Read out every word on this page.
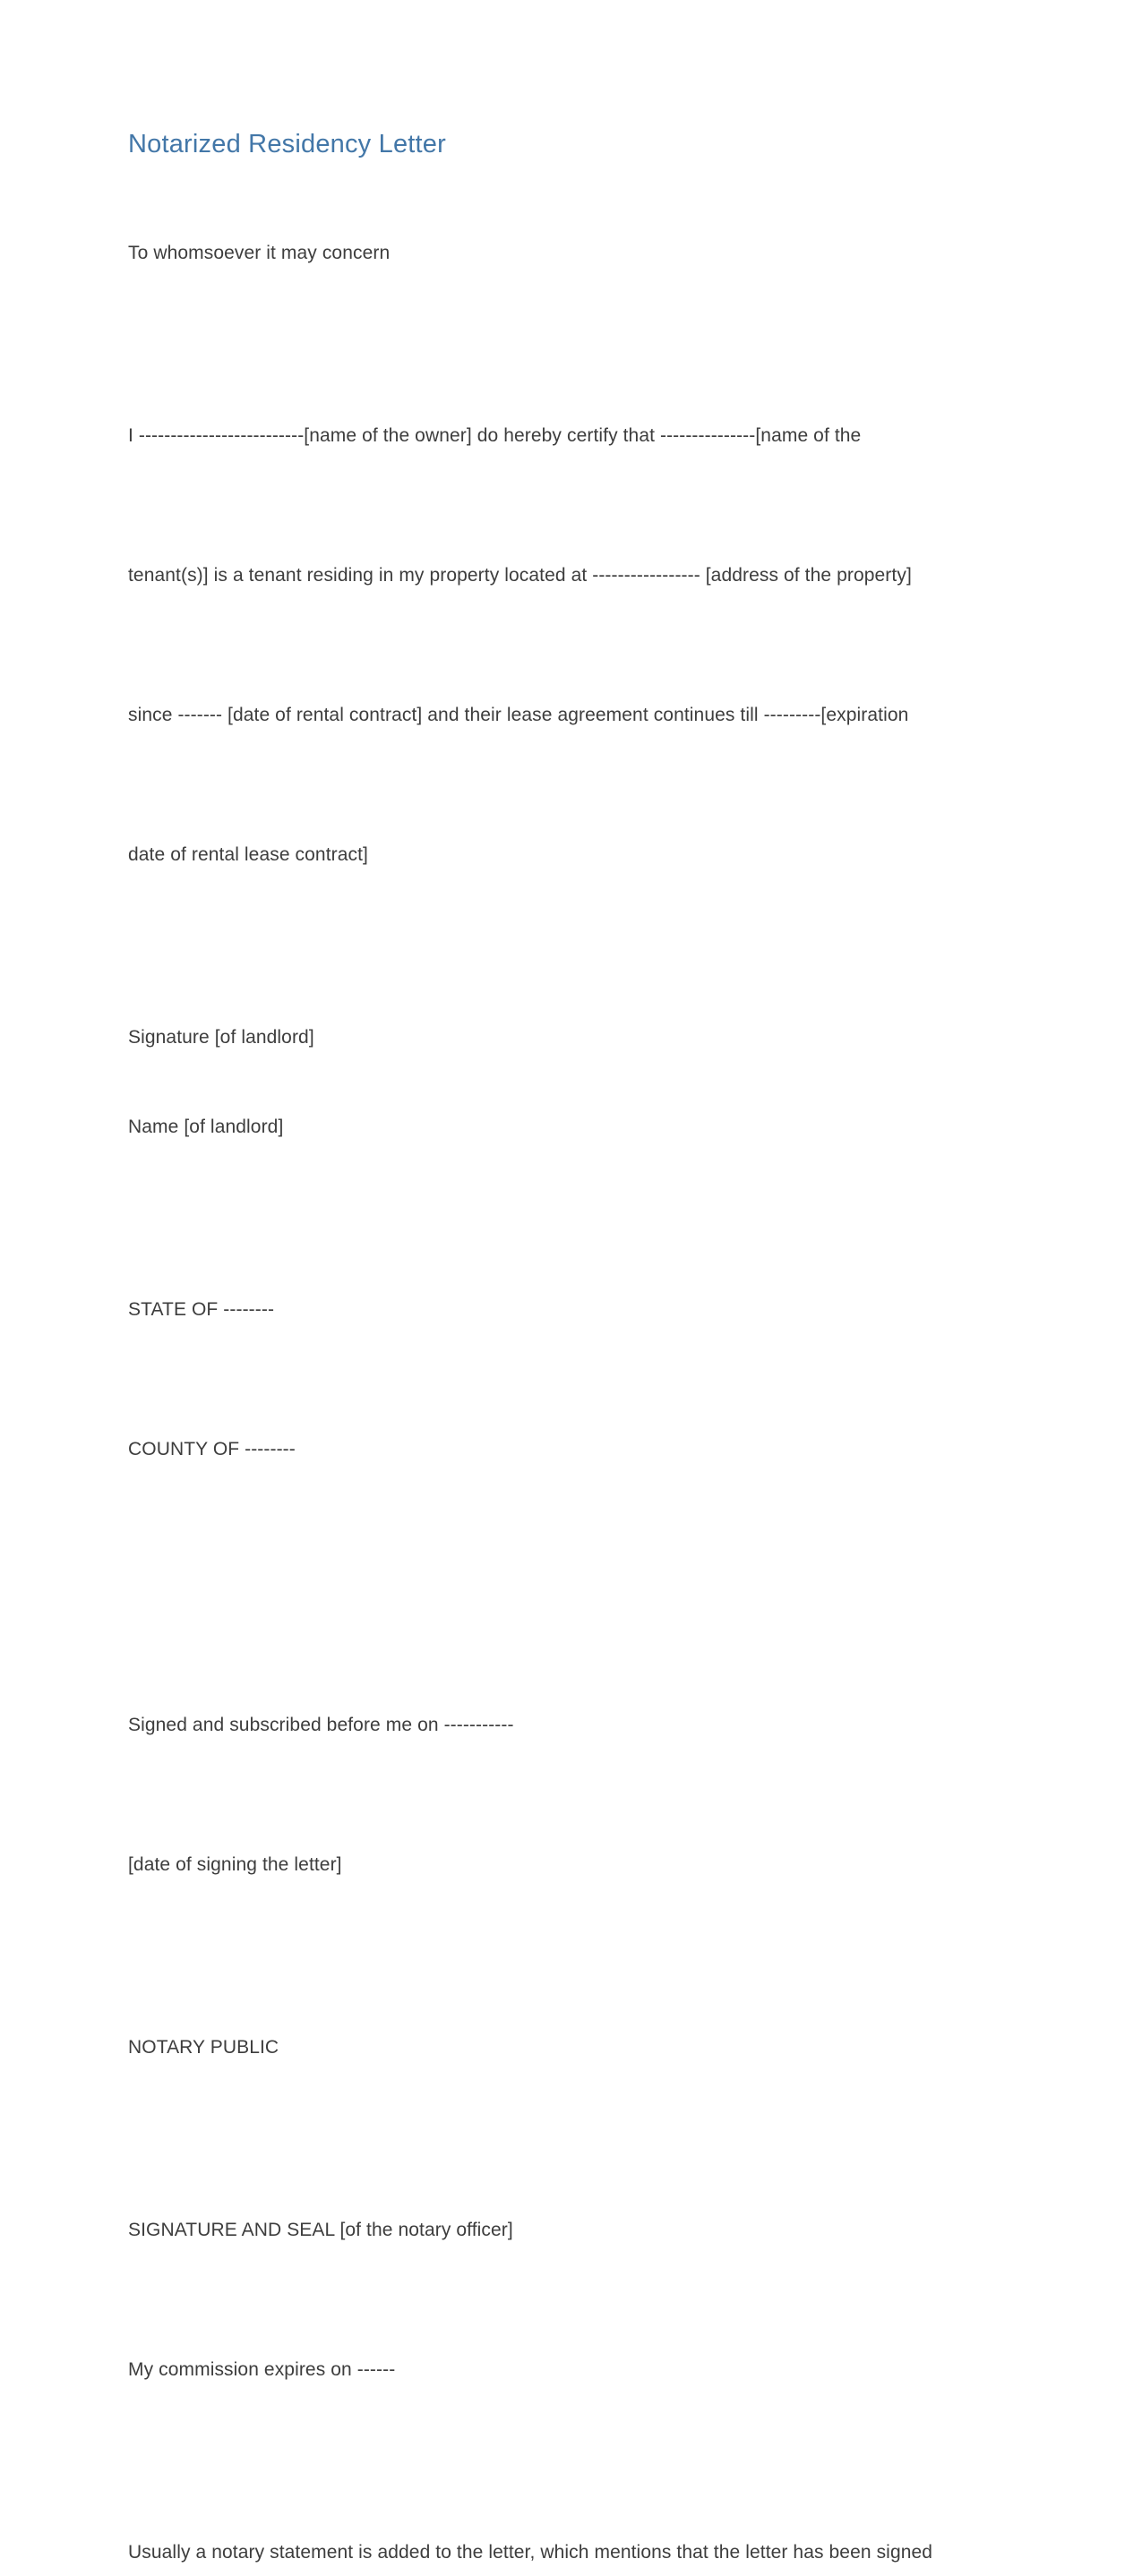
Notarized Residency Letter

To whomsoever it may concern

I --------------------------[name of the owner] do hereby certify that ---------------[name of the

tenant(s)] is a tenant residing in my property located at ----------------- [address of the property]

since ------- [date of rental contract] and their lease agreement continues till ---------[expiration

date of rental lease contract]

Signature [of landlord]

Name [of landlord]

STATE OF --------

COUNTY OF --------

Signed and subscribed before me on -----------

[date of signing the letter]

NOTARY PUBLIC

SIGNATURE AND SEAL [of the notary officer]

My commission expires on ------

Usually a notary statement is added to the letter, which mentions that the letter has been signed
